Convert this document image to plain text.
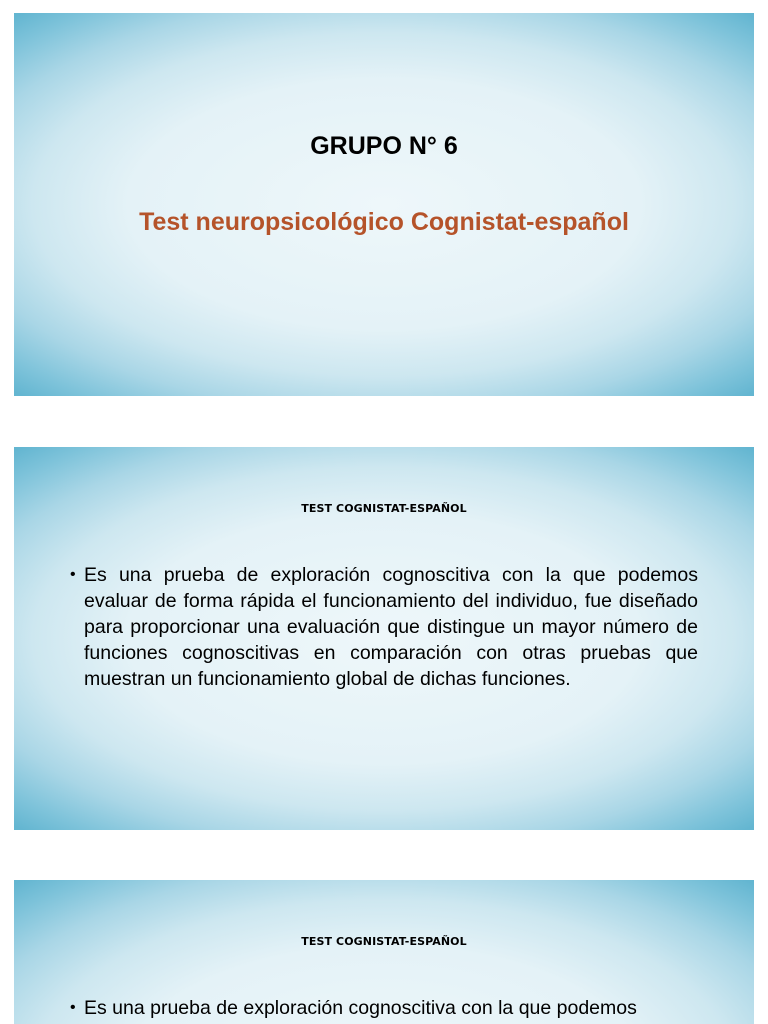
GRUPO N° 6
Test neuropsicológico Cognistat-español
TEST COGNISTAT-ESPAÑOL
• Es una prueba de exploración cognoscitiva con la que podemos evaluar de forma rápida el funcionamiento del individuo, fue diseñado para proporcionar una evaluación que distingue un mayor número de funciones cognoscitivas en comparación con otras pruebas que muestran un funcionamiento global de dichas funciones.
TEST COGNISTAT-ESPAÑOL
• Es una prueba de exploración cognoscitiva con la que podemos
